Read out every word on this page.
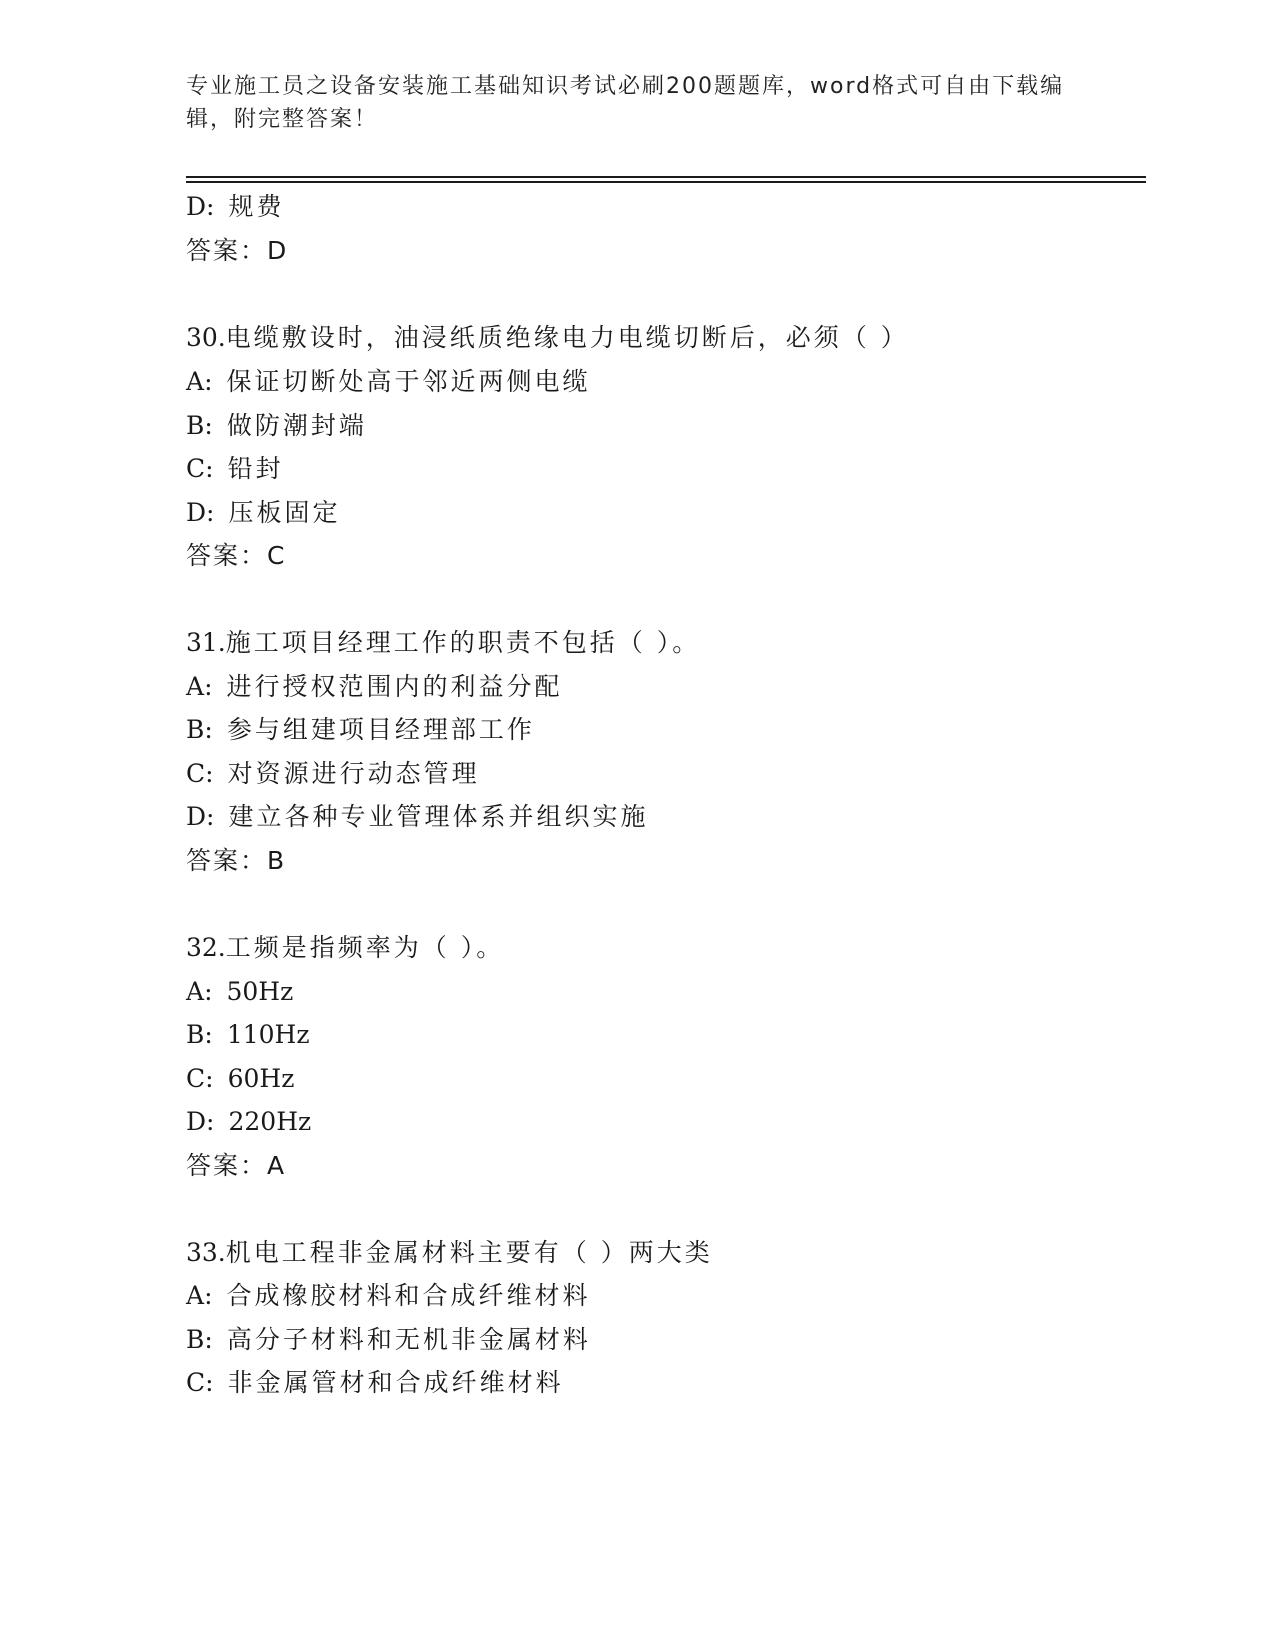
专业施工员之设备安装施工基础知识考试必刷200题题库，word格式可自由下载编辑，附完整答案！
D: 规费
答案：D
30.电缆敷设时，油浸纸质绝缘电力电缆切断后，必须（ ）
A: 保证切断处高于邻近两侧电缆
B: 做防潮封端
C: 铅封
D: 压板固定
答案：C
31.施工项目经理工作的职责不包括（ ）。
A: 进行授权范围内的利益分配
B: 参与组建项目经理部工作
C: 对资源进行动态管理
D: 建立各种专业管理体系并组织实施
答案：B
32.工频是指频率为（ ）。
A: 50Hz
B: 110Hz
C: 60Hz
D: 220Hz
答案：A
33.机电工程非金属材料主要有（ ）两大类
A: 合成橡胶材料和合成纤维材料
B: 高分子材料和无机非金属材料
C: 非金属管材和合成纤维材料
